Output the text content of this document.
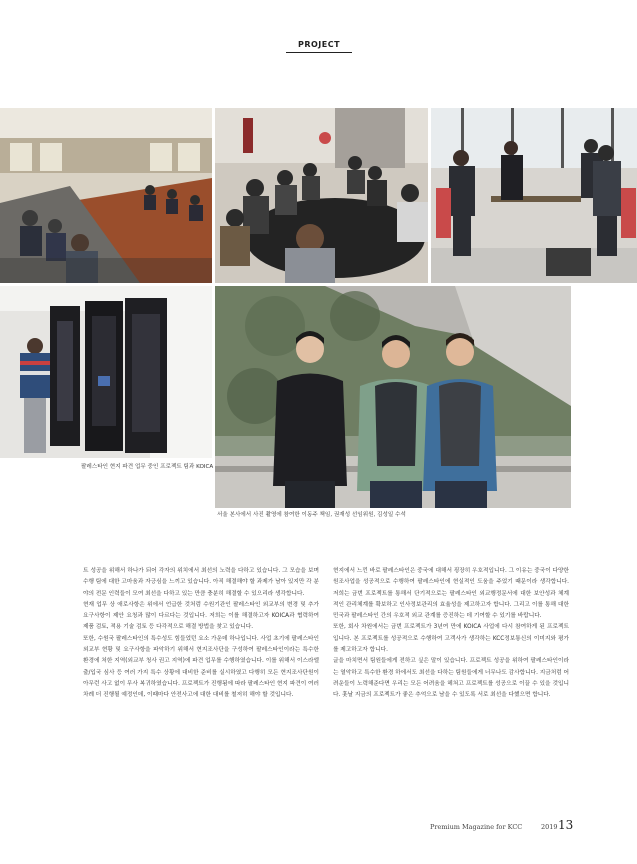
PROJECT
팔레스타인 현지 파견 업무 중인 프로젝트 팀과 KOICA
서울 본사에서 사진 촬영에 참여한 이동주 책임, 권재성 선임위원, 김성일 수석

트 성공을 위해서 하나가 되어 각자의 위치에서 최선의 노력을 다하고 있습니다. 그 모습을 보며 수행 팀에 대한 고마움과 자긍심을 느끼고 있습니다. 아직 해결해야 할 과제가 남아 있지만 각 분야의 전문 인력들이 모여 최선을 다하고 있는 만큼 충분히 해결할 수 있으리라 생각합니다.

현재 업무 상 애로사항은 위에서 언급한 것처럼 수원기관인 팔레스타인 외교부의 변경 및 추가 요구사항이 제안 요청과 많이 다르다는 것입니다. 저희는 이를 해결하고자 KOICA과 협력하여 제품 검토, 적용 기술 검토 등 다각적으로 해결 방법을 찾고 있습니다.

또한, 수원국 팔레스타인의 특수성도 힘들었던 요소 가운데 하나입니다. 사업 초기에 팔레스타인 외교부 현황 및 요구사항을 파악하기 위해서 현지조사단을 구성하여 팔레스타인이라는 특수한 환경에 처한 지역(외교부 청사 권고 지역)에 파견 업무를 수행하였습니다. 이를 위해서 이스라엘 출/입국 심사 등 여러 가지 특수 상황에 대비한 준비를 실시하였고 다행히 모든 현지조사단원이 아무런 사고 없이 무사 복귀하였습니다. 프로젝트가 진행됨에 따라 팔레스타인 현지 파견이 여러 차례 더 진행될 예정인데, 이때마다 안전사고에 대한 대비를 철저히 해야 할 것입니다.

현지에서 느낀 바로 팔레스타인은 중국에 대해서 굉장히 우호적입니다. 그 이유는 중국이 다양한 원조사업을 성공적으로 수행하여 팔레스타인에 현실적인 도움을 주었기 때문이라 생각합니다. 저희는 금번 프로젝트를 통해서 단기적으로는 팔레스타인 외교행정문서에 대한 보안성과 체계적인 관리체계를 확보하고 인사정보관리의 효율성을 제고하고자 합니다. 그리고 이를 통해 대한민국과 팔레스타인 간의 우호적 외교 관계를 증진하는 데 기여할 수 있기를 바랍니다.

또한, 회사 차원에서는 금번 프로젝트가 3년여 만에 KOICA 사업에 다시 참여하게 된 프로젝트입니다. 본 프로젝트를 성공적으로 수행하여 고객사가 생각하는 KCC정보통신의 이미지와 평가를 제고하고자 합니다.

글을 마치면서 팀원들에게 전하고 싶은 말이 있습니다. 프로젝트 성공을 위하여 팔레스타인이라는 열악하고 특수한 환경 하에서도 최선을 다하는 팀원들에게 너무나도 감사합니다. 지금처럼 어려운들이 노력해준다면 우리는 모든 어려움을 헤쳐고 프로젝트를 성공으로 이끌 수 있을 것입니다. 훗날 지금의 프로젝트가 좋은 추억으로 남을 수 있도록 서로 최선을 다했으면 합니다.

Premium Magazine for KCC	2019 13
